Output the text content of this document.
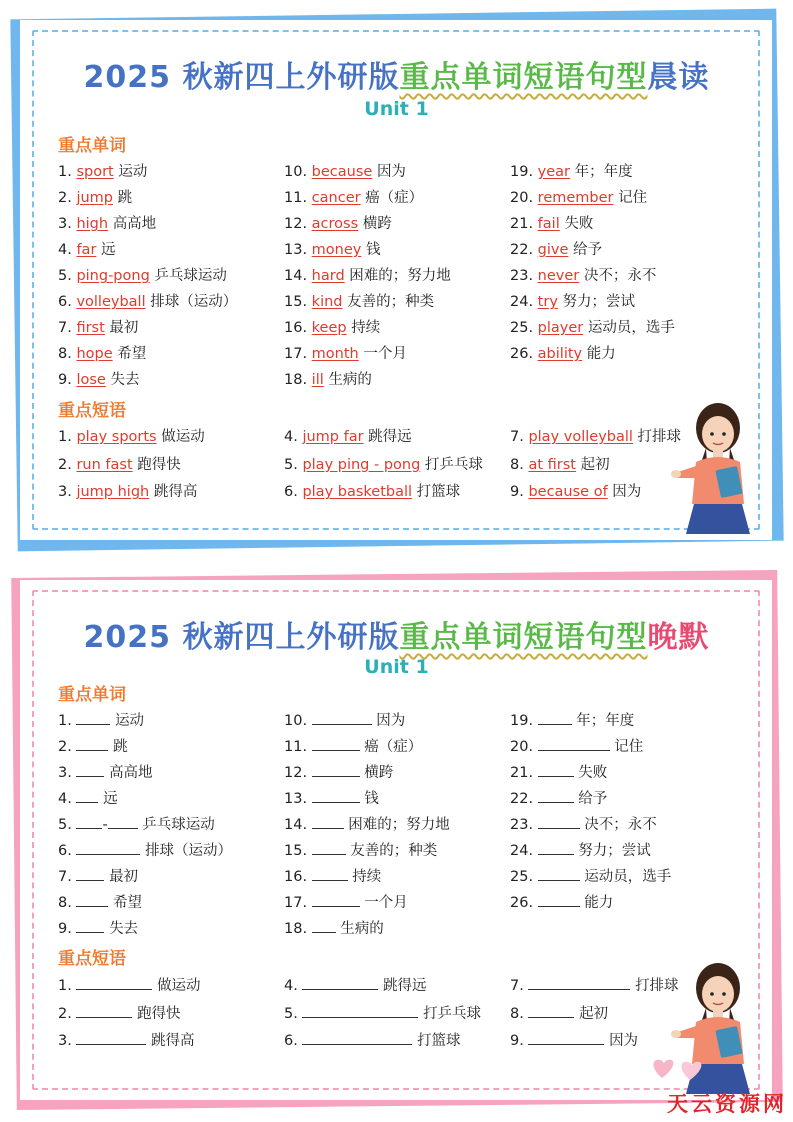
2025 秋新四上外研版重点单词短语句型晨读
Unit 1
重点单词
1. sport 运动
2. jump 跳
3. high 高高地
4. far 远
5. ping-pong 乒乓球运动
6. volleyball 排球（运动）
7. first 最初
8. hope 希望
9. lose 失去
10. because 因为
11. cancer 癌（症）
12. across 横跨
13. money 钱
14. hard 困难的；努力地
15. kind 友善的；种类
16. keep 持续
17. month 一个月
18. ill 生病的
19. year 年；年度
20. remember 记住
21. fail 失败
22. give 给予
23. never 决不；永不
24. try 努力；尝试
25. player 运动员，选手
26. ability 能力
重点短语
1. play sports 做运动
2. run fast 跑得快
3. jump high 跳得高
4. jump far 跳得远
5. play ping - pong 打乒乓球
6. play basketball 打篮球
7. play volleyball 打排球
8. at first 起初
9. because of 因为
2025 秋新四上外研版重点单词短语句型晚默
Unit 1
重点单词
1.	运动
2.	跳
3.	高高地
4. 远
5. - 乒乓球运动
6.	排球（运动）
7.	最初
8.	希望
9.	失去
10.	因为
11.	癌（症）
12.	横跨
13.	钱
14.	困难的；努力地
15.	友善的；种类
16.	持续
17.	一个月
18. 生病的
19.	年；年度
20.	记住
21.	失败
22.	给予
23.	决不；永不
24.	努力；尝试
25.	运动员，选手
26.	能力
重点短语
1.	做运动
2.	跑得快
3.	跳得高
4.	跳得远
5.	打乒乓球
6.	打篮球
7.	打排球
8.	起初
9.	因为
天云资源网
